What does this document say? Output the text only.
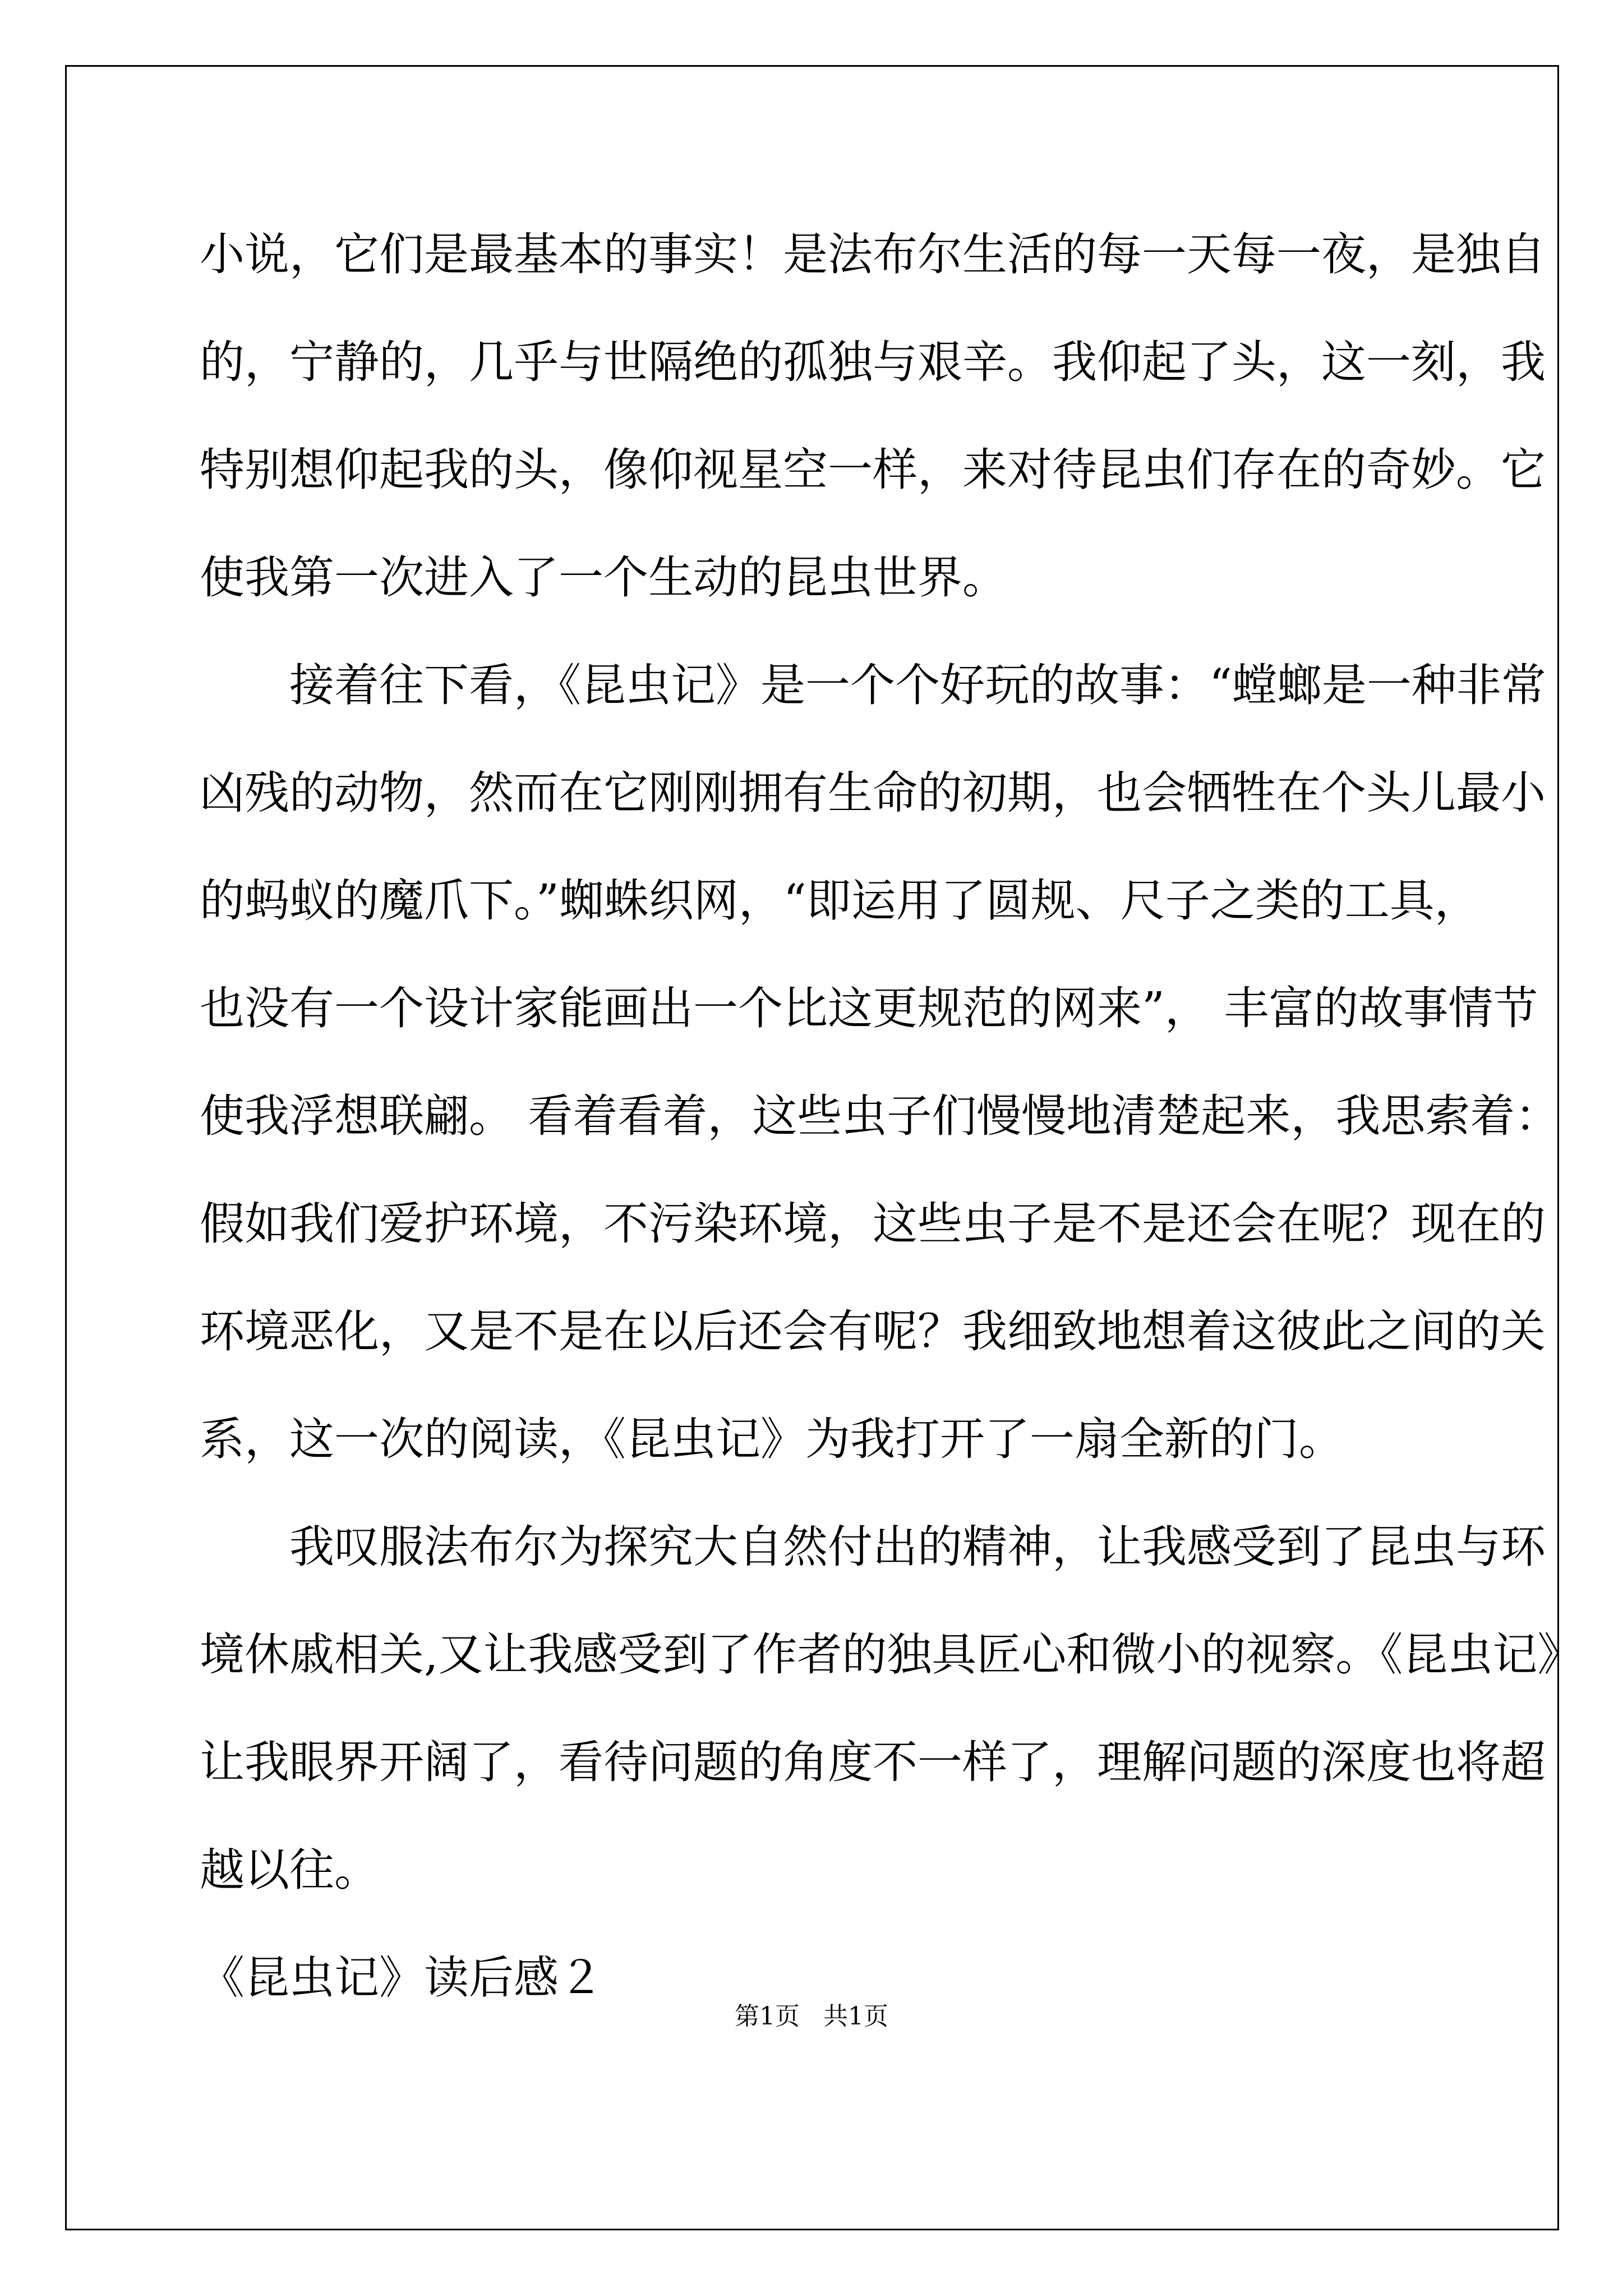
小说，它们是最基本的事实！是法布尔生活的每一天每一夜，是独自
的，宁静的，几乎与世隔绝的孤独与艰辛。我仰起了头，这一刻，我
特别想仰起我的头，像仰视星空一样，来对待昆虫们存在的奇妙。它
使我第一次进入了一个生动的昆虫世界。
接着往下看，《昆虫记》是一个个好玩的故事：“螳螂是一种非常
凶残的动物，然而在它刚刚拥有生命的初期，也会牺牲在个头儿最小
的蚂蚁的魔爪下。”蜘蛛织网，“即运用了圆规、尺子之类的工具，
也没有一个设计家能画出一个比这更规范的网来”， 丰富的故事情节
使我浮想联翩。 看着看着，这些虫子们慢慢地清楚起来，我思索着：
假如我们爱护环境，不污染环境，这些虫子是不是还会在呢？现在的
环境恶化，又是不是在以后还会有呢？我细致地想着这彼此之间的关
系，这一次的阅读，《昆虫记》为我打开了一扇全新的门。
我叹服法布尔为探究大自然付出的精神，让我感受到了昆虫与环
境休戚相关,又让我感受到了作者的独具匠心和微小的视察。《昆虫记》
让我眼界开阔了，看待问题的角度不一样了，理解问题的深度也将超
越以往。
《昆虫记》读后感２
第1页   共1页
